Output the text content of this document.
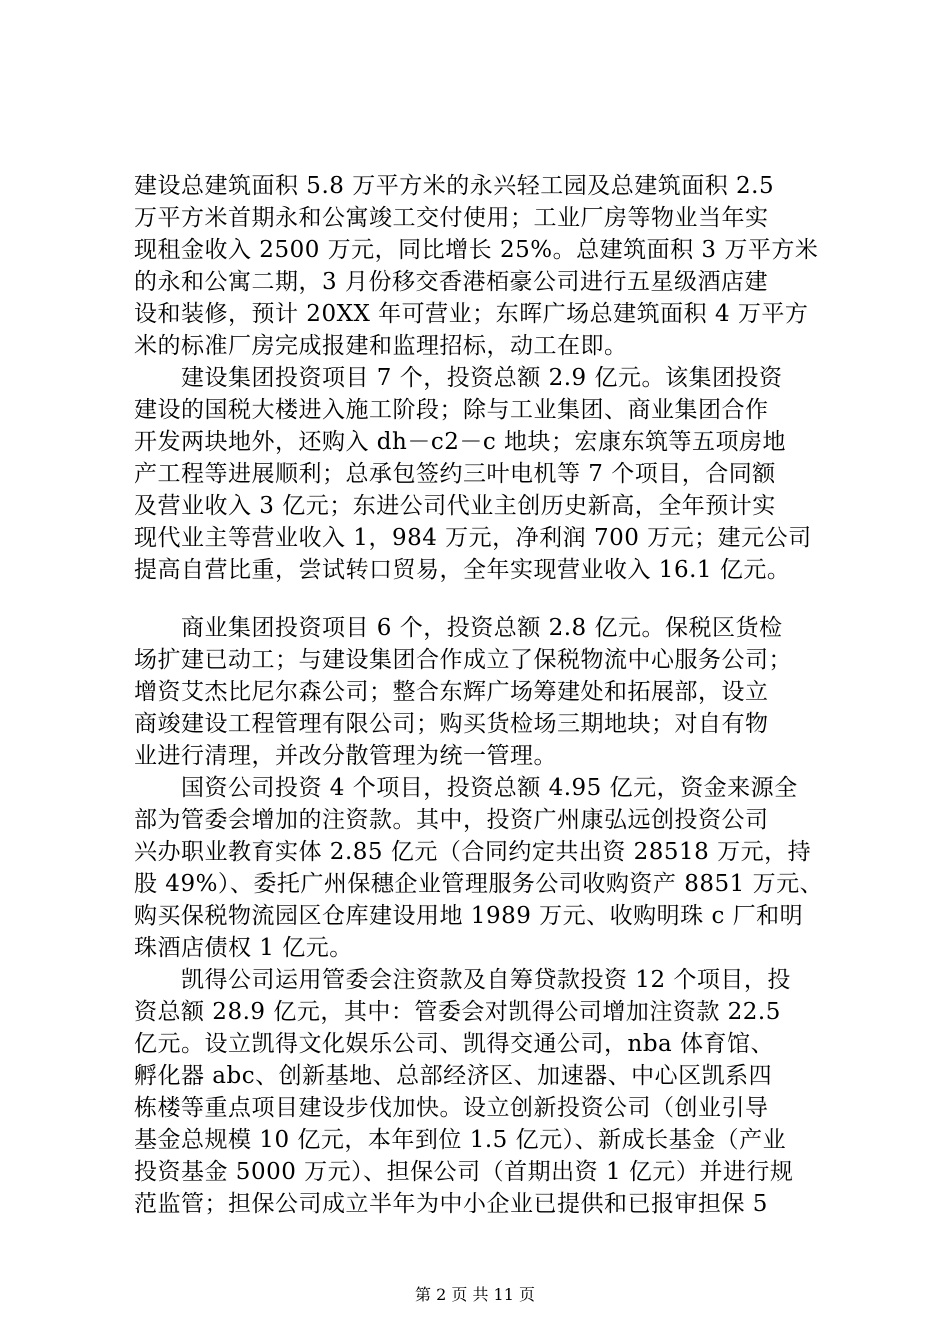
建设总建筑面积 5.8 万平方米的永兴轻工园及总建筑面积 2.5
万平方米首期永和公寓竣工交付使用；工业厂房等物业当年实
现租金收入 2500 万元，同比增长 25%。总建筑面积 3 万平方米
的永和公寓二期，3 月份移交香港栢豪公司进行五星级酒店建
设和装修，预计 20XX 年可营业；东晖广场总建筑面积 4 万平方
米的标准厂房完成报建和监理招标，动工在即。
　　建设集团投资项目 7 个，投资总额 2.9 亿元。该集团投资
建设的国税大楼进入施工阶段；除与工业集团、商业集团合作
开发两块地外，还购入 dh－c2－c 地块；宏康东筑等五项房地
产工程等进展顺利；总承包签约三叶电机等 7 个项目，合同额
及营业收入 3 亿元；东进公司代业主创历史新高，全年预计实
现代业主等营业收入 1，984 万元，净利润 700 万元；建元公司
提高自营比重，尝试转口贸易，全年实现营业收入 16.1 亿元。
　　商业集团投资项目 6 个，投资总额 2.8 亿元。保税区货检
场扩建已动工；与建设集团合作成立了保税物流中心服务公司；
增资艾杰比尼尔森公司；整合东辉广场筹建处和拓展部，设立
商竣建设工程管理有限公司；购买货检场三期地块；对自有物
业进行清理，并改分散管理为统一管理。
　　国资公司投资 4 个项目，投资总额 4.95 亿元，资金来源全
部为管委会增加的注资款。其中，投资广州康弘远创投资公司
兴办职业教育实体 2.85 亿元（合同约定共出资 28518 万元，持
股 49%）、委托广州保穗企业管理服务公司收购资产 8851 万元、
购买保税物流园区仓库建设用地 1989 万元、收购明珠 c 厂和明
珠酒店债权 1 亿元。
　　凯得公司运用管委会注资款及自筹贷款投资 12 个项目，投
资总额 28.9 亿元，其中：管委会对凯得公司增加注资款 22.5
亿元。设立凯得文化娱乐公司、凯得交通公司，nba 体育馆、
孵化器 abc、创新基地、总部经济区、加速器、中心区凯系四
栋楼等重点项目建设步伐加快。设立创新投资公司（创业引导
基金总规模 10 亿元，本年到位 1.5 亿元）、新成长基金（产业
投资基金 5000 万元）、担保公司（首期出资 1 亿元）并进行规
范监管；担保公司成立半年为中小企业已提供和已报审担保 5
第 2 页 共 11 页
